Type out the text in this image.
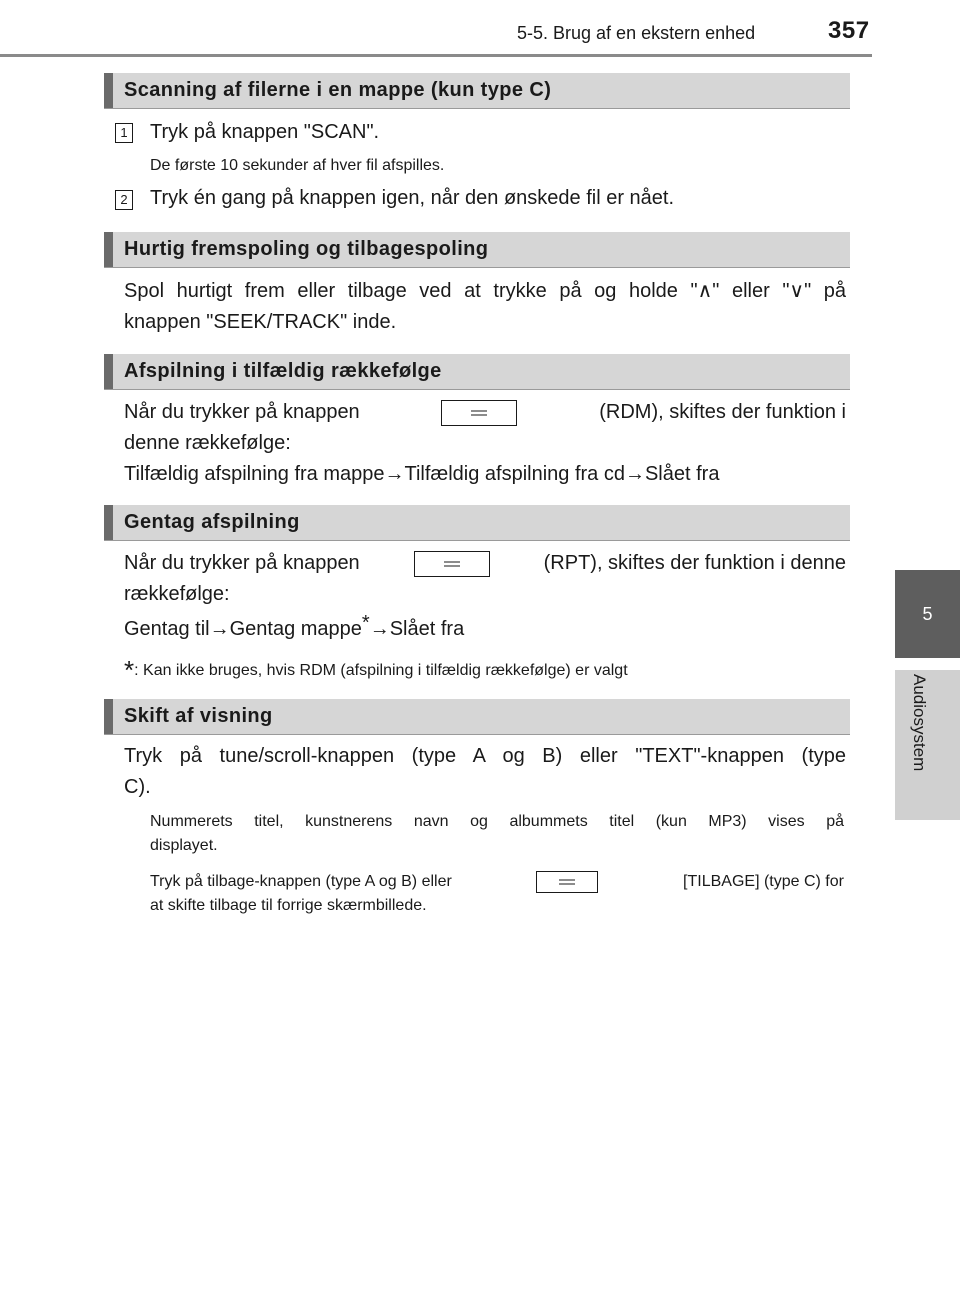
5-5. Brug af en ekstern enhed	357
5
Audiosystem
Scanning af filerne i en mappe (kun type C)
1 Tryk på knappen "SCAN".
De første 10 sekunder af hver fil afspilles.
2 Tryk én gang på knappen igen, når den ønskede fil er nået.
Hurtig fremspoling og tilbagespoling
Spol hurtigt frem eller tilbage ved at trykke på og holde "∧" eller "∨" på
knappen "SEEK/TRACK" inde.
Afspilning i tilfældig rækkefølge
Når du trykker på knappen	(RDM), skiftes der funktion i
denne rækkefølge:
Tilfældig afspilning fra mappe→Tilfældig afspilning fra cd→Slået fra
Gentag afspilning
Når du trykker på knappen	(RPT), skiftes der funktion i denne
rækkefølge:
Gentag til→Gentag mappe*→Slået fra
*: Kan ikke bruges, hvis RDM (afspilning i tilfældig rækkefølge) er valgt
Skift af visning
Tryk på tune/scroll-knappen (type A og B) eller "TEXT"-knappen (type
C).
Nummerets titel, kunstnerens navn og albummets titel (kun MP3) vises på
displayet.
Tryk på tilbage-knappen (type A og B) eller	[TILBAGE] (type C) for
at skifte tilbage til forrige skærmbillede.
